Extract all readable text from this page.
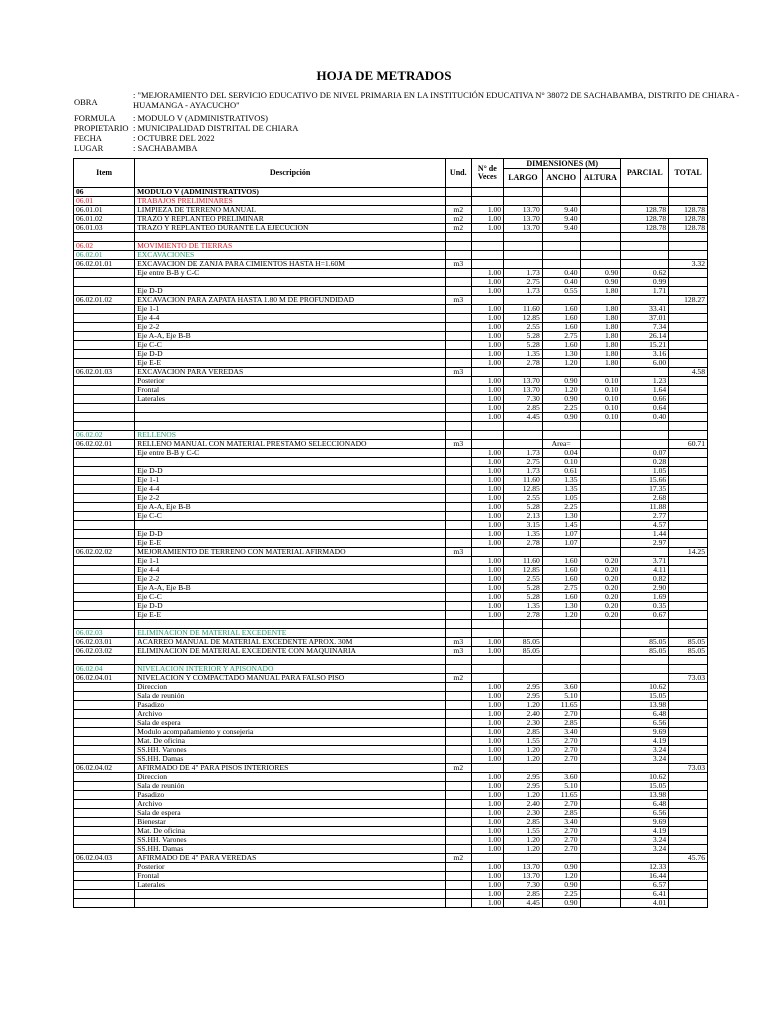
HOJA DE METRADOS
OBRA
: "MEJORAMIENTO DEL SERVICIO EDUCATIVO DE NIVEL PRIMARIA EN LA INSTITUCIÓN EDUCATIVA N° 38072 DE SACHABAMBA, DISTRITO DE CHIARA - HUAMANGA - AYACUCHO"
FORMULA	: MODULO V (ADMINISTRATIVOS)
PROPIETARIO : MUNICIPALIDAD DISTRITAL DE CHIARA
FECHA	: OCTUBRE DEL 2022
LUGAR	: SACHABAMBA
Item	Descripción	Und.	N° de Veces	DIMENSIONES (M)			PARCIAL	TOTAL
				LARGO	ANCHO	ALTURA		
06	MODULO V (ADMINISTRATIVOS)							
06.01	TRABAJOS PRELIMINARES							
06.01.01	LIMPIEZA DE TERRENO MANUAL	m2	1.00	13.70	9.40		128.78	128.78
06.01.02	TRAZO Y REPLANTEO PRELIMINAR	m2	1.00	13.70	9.40		128.78	128.78
06.01.03	TRAZO Y REPLANTEO DURANTE LA EJECUCION	m2	1.00	13.70	9.40		128.78	128.78

06.02	MOVIMIENTO DE TIERRAS							
06.02.01	EXCAVACIONES							
06.02.01.01	EXCAVACION DE ZANJA PARA CIMIENTOS HASTA H=1.60M	m3						3.32
	Eje entre B-B y C-C		1.00	1.73	0.40	0.90	0.62	
			1.00	2.75	0.40	0.90	0.99	
	Eje D-D		1.00	1.73	0.55	1.80	1.71	
06.02.01.02	EXCAVACION PARA ZAPATA HASTA 1.80 M DE PROFUNDIDAD	m3						128.27
	Eje 1-1		1.00	11.60	1.60	1.80	33.41	
	Eje 4-4		1.00	12.85	1.60	1.80	37.01	
	Eje 2-2		1.00	2.55	1.60	1.80	7.34	
	Eje A-A, Eje B-B		1.00	5.28	2.75	1.80	26.14	
	Eje C-C		1.00	5.28	1.60	1.80	15.21	
	Eje D-D		1.00	1.35	1.30	1.80	3.16	
	Eje E-E		1.00	2.78	1.20	1.80	6.00	
06.02.01.03	EXCAVACION PARA VEREDAS	m3						4.58
	Posterior		1.00	13.70	0.90	0.10	1.23	
	Frontal		1.00	13.70	1.20	0.10	1.64	
	Laterales		1.00	7.30	0.90	0.10	0.66	
			1.00	2.85	2.25	0.10	0.64	
			1.00	4.45	0.90	0.10	0.40	

06.02.02	RELLENOS							
06.02.02.01	RELLENO MANUAL CON MATERIAL PRESTAMO SELECCIONADO	m3			Area=			60.71
	Eje entre B-B y C-C		1.00	1.73	0.04		0.07	
			1.00	2.75	0.10		0.28	
	Eje D-D		1.00	1.73	0.61		1.05	
	Eje 1-1		1.00	11.60	1.35		15.66	
	Eje 4-4		1.00	12.85	1.35		17.35	
	Eje 2-2		1.00	2.55	1.05		2.68	
	Eje A-A, Eje B-B		1.00	5.28	2.25		11.88	
	Eje C-C		1.00	2.13	1.30		2.77	
			1.00	3.15	1.45		4.57	
	Eje D-D		1.00	1.35	1.07		1.44	
	Eje E-E		1.00	2.78	1.07		2.97	
06.02.02.02	MEJORAMIENTO DE TERRENO CON MATERIAL AFIRMADO	m3						14.25
	Eje 1-1		1.00	11.60	1.60	0.20	3.71	
	Eje 4-4		1.00	12.85	1.60	0.20	4.11	
	Eje 2-2		1.00	2.55	1.60	0.20	0.82	
	Eje A-A, Eje B-B		1.00	5.28	2.75	0.20	2.90	
	Eje C-C		1.00	5.28	1.60	0.20	1.69	
	Eje D-D		1.00	1.35	1.30	0.20	0.35	
	Eje E-E		1.00	2.78	1.20	0.20	0.67	

06.02.03	ELIMINACION DE MATERIAL EXCEDENTE							
06.02.03.01	ACARREO MANUAL DE MATERIAL EXCEDENTE APROX. 30M	m3	1.00	85.05			85.05	85.05
06.02.03.02	ELIMINACION DE MATERIAL EXCEDENTE CON MAQUINARIA	m3	1.00	85.05			85.05	85.05

06.02.04	NIVELACION INTERIOR Y APISONADO							
06.02.04.01	NIVELACION Y COMPACTADO MANUAL PARA FALSO PISO	m2						73.03
	Direccion		1.00	2.95	3.60		10.62	
	Sala de reunión		1.00	2.95	5.10		15.05	
	Pasadizo		1.00	1.20	11.65		13.98	
	Archivo		1.00	2.40	2.70		6.48	
	Sala de espera		1.00	2.30	2.85		6.56	
	Modulo acompañamiento y consejeria		1.00	2.85	3.40		9.69	
	Mat. De oficina		1.00	1.55	2.70		4.19	
	SS.HH. Varones		1.00	1.20	2.70		3.24	
	SS.HH. Damas		1.00	1.20	2.70		3.24	
06.02.04.02	AFIRMADO DE 4" PARA PISOS INTERIORES	m2						73.03
	Direccion		1.00	2.95	3.60		10.62	
	Sala de reunión		1.00	2.95	5.10		15.05	
	Pasadizo		1.00	1.20	11.65		13.98	
	Archivo		1.00	2.40	2.70		6.48	
	Sala de espera		1.00	2.30	2.85		6.56	
	Bienestar		1.00	2.85	3.40		9.69	
	Mat. De oficina		1.00	1.55	2.70		4.19	
	SS.HH. Varones		1.00	1.20	2.70		3.24	
	SS.HH. Damas		1.00	1.20	2.70		3.24	
06.02.04.03	AFIRMADO DE 4" PARA VEREDAS	m2						45.76
	Posterior		1.00	13.70	0.90		12.33	
	Frontal		1.00	13.70	1.20		16.44	
	Laterales		1.00	7.30	0.90		6.57	
			1.00	2.85	2.25		6.41	
			1.00	4.45	0.90		4.01	
